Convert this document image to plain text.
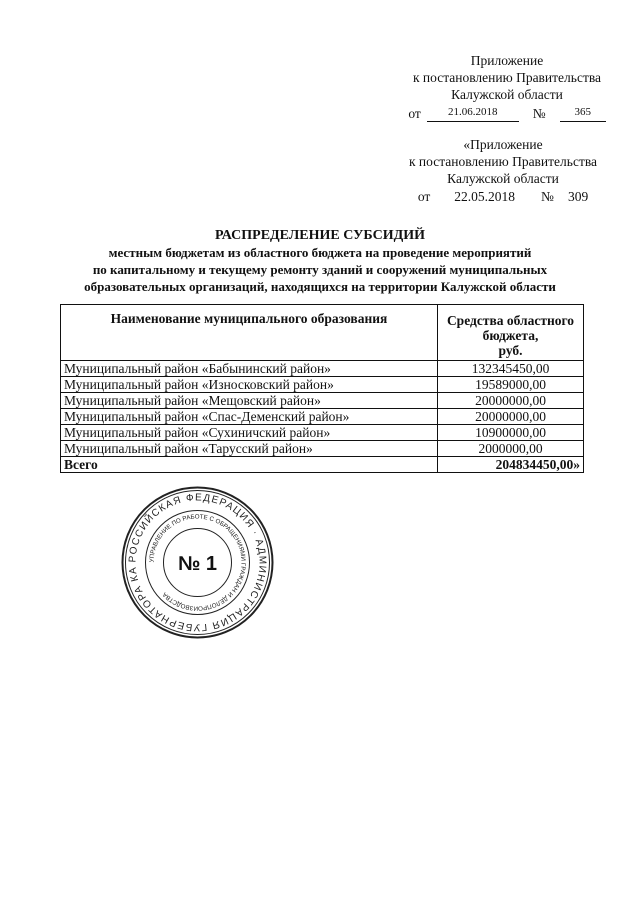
Приложение
к постановлению Правительства
Калужской области
от	21.06.2018	№	365
«Приложение
к постановлению Правительства
Калужской области
от 22.05.2018 № 309
РАСПРЕДЕЛЕНИЕ СУБСИДИЙ
местным бюджетам из областного бюджета на проведение мероприятий
по капитальному и текущему ремонту зданий и сооружений муниципальных
образовательных организаций, находящихся на территории Калужской области
Наименование муниципального образования	Средства областного
бюджета,
руб.

Муниципальный район «Бабынинский район»	132345450,00
Муниципальный район «Износковский район»	19589000,00
Муниципальный район «Мещовский район»	20000000,00
Муниципальный район «Спас-Деменский район»	20000000,00
Муниципальный район «Сухиничский район»	10900000,00
Муниципальный район «Тарусский район»	2000000,00
Всего	204834450,00»
РОССИЙСКАЯ ФЕДЕРАЦИЯ · АДМИНИСТРАЦИЯ ГУБЕРНАТОРА КА
УПРАВЛЕНИЕ ПО РАБОТЕ С ОБРАЩЕНИЯМИ ГРАЖДАН И ДЕЛОПРОИЗВОДСТВА
№ 1
